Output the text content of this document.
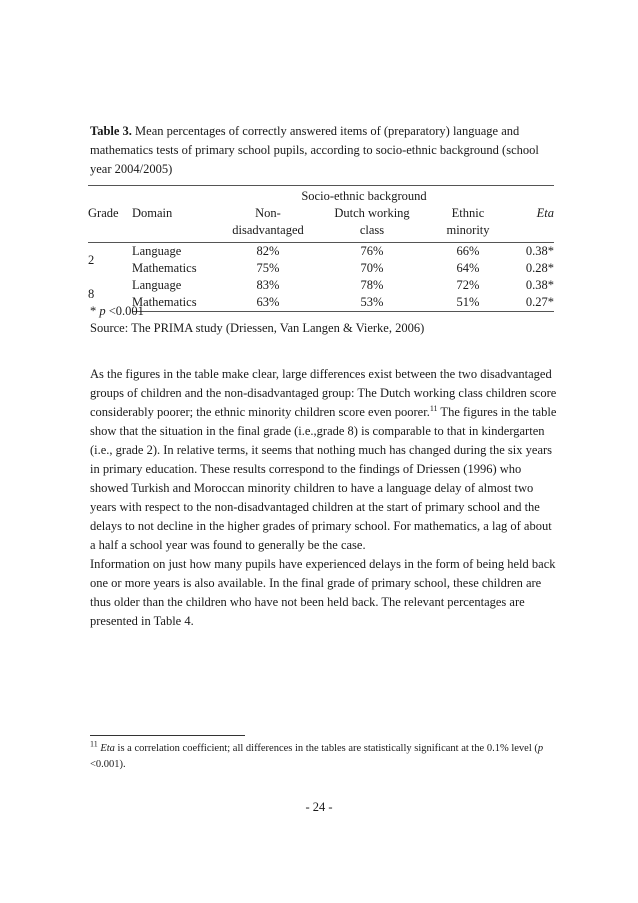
Table 3. Mean percentages of correctly answered items of (preparatory) language and mathematics tests of primary school pupils, according to socio-ethnic background (school year 2004/2005)
		Socio-ethnic background			
Grade	Domain	Non-	Dutch working	Ethnic	Eta
		disadvantaged	class	minority	
2	Language	82%	76%	66%	0.38*
	Mathematics	75%	70%	64%	0.28*
8	Language	83%	78%	72%	0.38*
	Mathematics	63%	53%	51%	0.27*
* p <0.001
Source: The PRIMA study (Driessen, Van Langen & Vierke, 2006)
As the figures in the table make clear, large differences exist between the two disadvantaged groups of children and the non-disadvantaged group: The Dutch working class children score considerably poorer; the ethnic minority children score even poorer.$^{11}$ The figures in the table show that the situation in the final grade (i.e.,grade 8) is comparable to that in kindergarten (i.e., grade 2). In relative terms, it seems that nothing much has changed during the six years in primary education. These results correspond to the findings of Driessen (1996) who showed Turkish and Moroccan minority children to have a language delay of almost two years with respect to the non-disadvantaged children at the start of primary school and the delays to not decline in the higher grades of primary school. For mathematics, a lag of about a half a school year was found to generally be the case.
Information on just how many pupils have experienced delays in the form of being held back one or more years is also available. In the final grade of primary school, these children are thus older than the children who have not been held back. The relevant percentages are presented in Table 4.
$^{11}$ Eta is a correlation coefficient; all differences in the tables are statistically significant at the 0.1% level (p <0.001).
- 24 -
